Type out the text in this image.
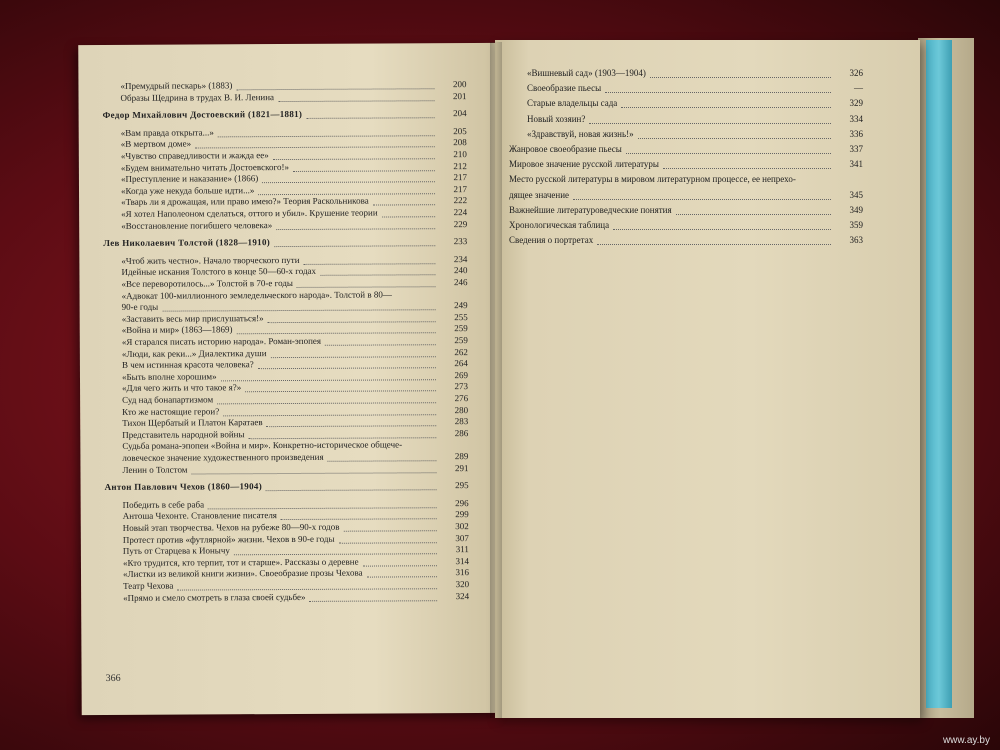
«Премудрый пескарь» (1883)	200
Образы Щедрина в трудах В. И. Ленина	201
Федор Михайлович Достоевский (1821—1881)	204
«Вам правда открыта...»	205
«В мертвом доме»	208
«Чувство справедливости и жажда ее»	210
«Будем внимательно читать Достоевского!»	212
«Преступление и наказание» (1866)	217
«Когда уже некуда больше идти...»	217
«Тварь ли я дрожащая, или право имею?» Теория Раскольникова	222
«Я хотел Наполеоном сделаться, оттого и убил». Крушение теории	224
«Восстановление погибшего человека»	229
Лев Николаевич Толстой (1828—1910)	233
«Чтоб жить честно». Начало творческого пути	234
Идейные искания Толстого в конце 50—60-х годах	240
«Все переворотилось...» Толстой в 70-е годы	246
«Адвокат 100-миллионного земледельческого народа». Толстой в 80—
90-е годы	249
«Заставить весь мир прислушаться!»	255
«Война и мир» (1863—1869)	259
«Я старался писать историю народа». Роман-эпопея	259
«Люди, как реки...» Диалектика души	262
В чем истинная красота человека?	264
«Быть вполне хорошим»	269
«Для чего жить и что такое я?»	273
Суд над бонапартизмом	276
Кто же настоящие герои?	280
Тихон Щербатый и Платон Каратаев	283
Представитель народной войны	286
Судьба романа-эпопеи «Война и мир». Конкретно-историческое общече-
ловеческое значение художественного произведения	289
Ленин о Толстом	291
Антон Павлович Чехов (1860—1904)	295
Победить в себе раба	296
Антоша Чехонте. Становление писателя	299
Новый этап творчества. Чехов на рубеже 80—90-х годов	302
Протест против «футлярной» жизни. Чехов в 90-е годы	307
Путь от Старцева к Ионычу	311
«Кто трудится, кто терпит, тот и старше». Рассказы о деревне	314
«Листки из великой книги жизни». Своеобразие прозы Чехова	316
Театр Чехова	320
«Прямо и смело смотреть в глаза своей судьбе»	324
366
«Вишневый сад» (1903—1904)	326
Своеобразие пьесы	—
Старые владельцы сада	329
Новый хозяин?	334
«Здравствуй, новая жизнь!»	336
Жанровое своеобразие пьесы	337
Мировое значение русской литературы	341
Место русской литературы в мировом литературном процессе, ее непрехо-
дящее значение	345
Важнейшие литературоведческие понятия	349
Хронологическая таблица	359
Сведения о портретах	363
www.ay.by
